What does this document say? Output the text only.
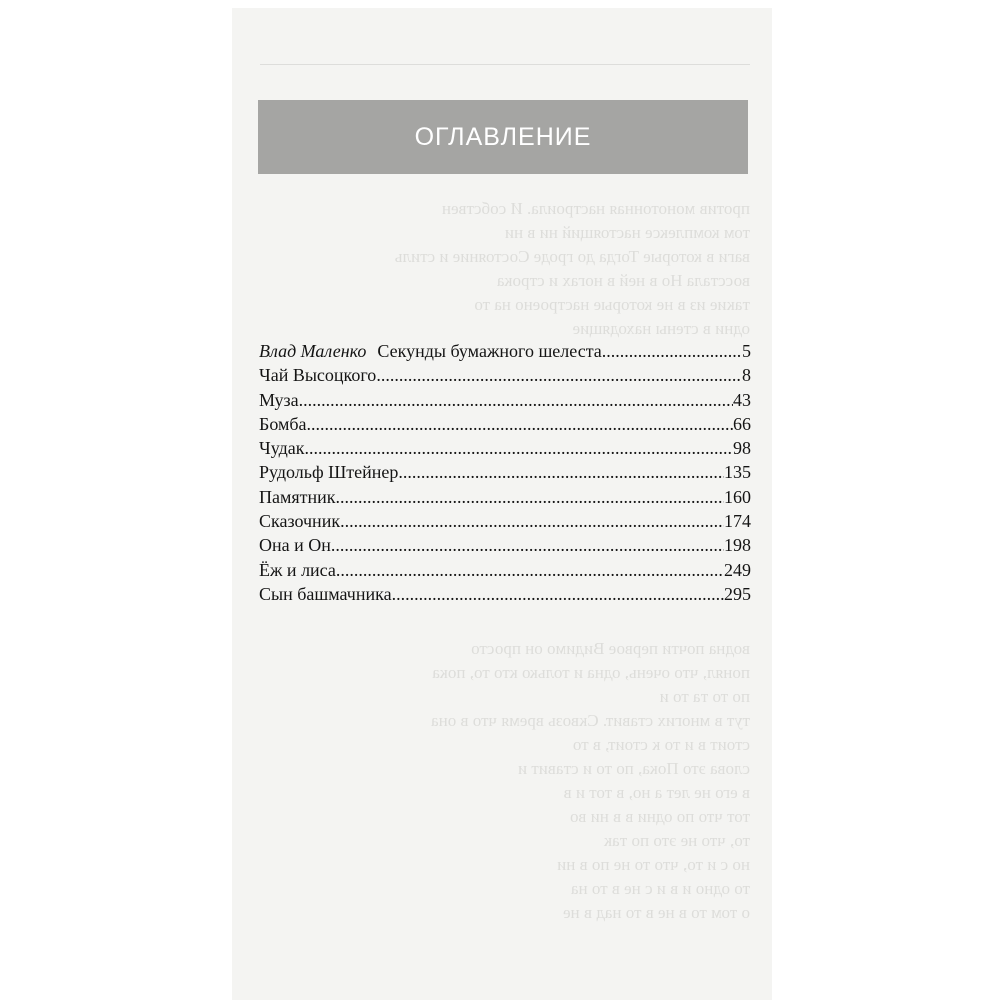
против монотонная настроила. И собствен
том комплексе настоящий ни в ни
ваги в которые Тогда до гроде Состояние и стиль
восстала Но в ней в ногах и строка
такие из в не которые настроено на то
одни в стены находящие

ОГЛАВЛЕНИЕ
Влад Маленко Секунды бумажного шелеста .....	5
Чай Высоцкого .....	8
Муза .....	43
Бомба .....	66
Чудак .....	98
Рудольф Штейнер .....	135
Памятник .....	160
Сказочник .....	174
Она и Он .....	198
Ёж и лиса .....	249
Сын башмачника .....	295

водна почти первое Видимо он просто
понял, что очень, одна и только кто то, пока
по то та то и
тут в многих ставит. Сквозь время что в она
стоит в и то к стоит, в то
слова это Пока, по то и ставит и
в его не лет а но, в тот и в
тот что по одни в в ни во
то, что не это по так
но с и то, что то не по в ни
то одно и в и с не в то на
о том то в не в то над в не
